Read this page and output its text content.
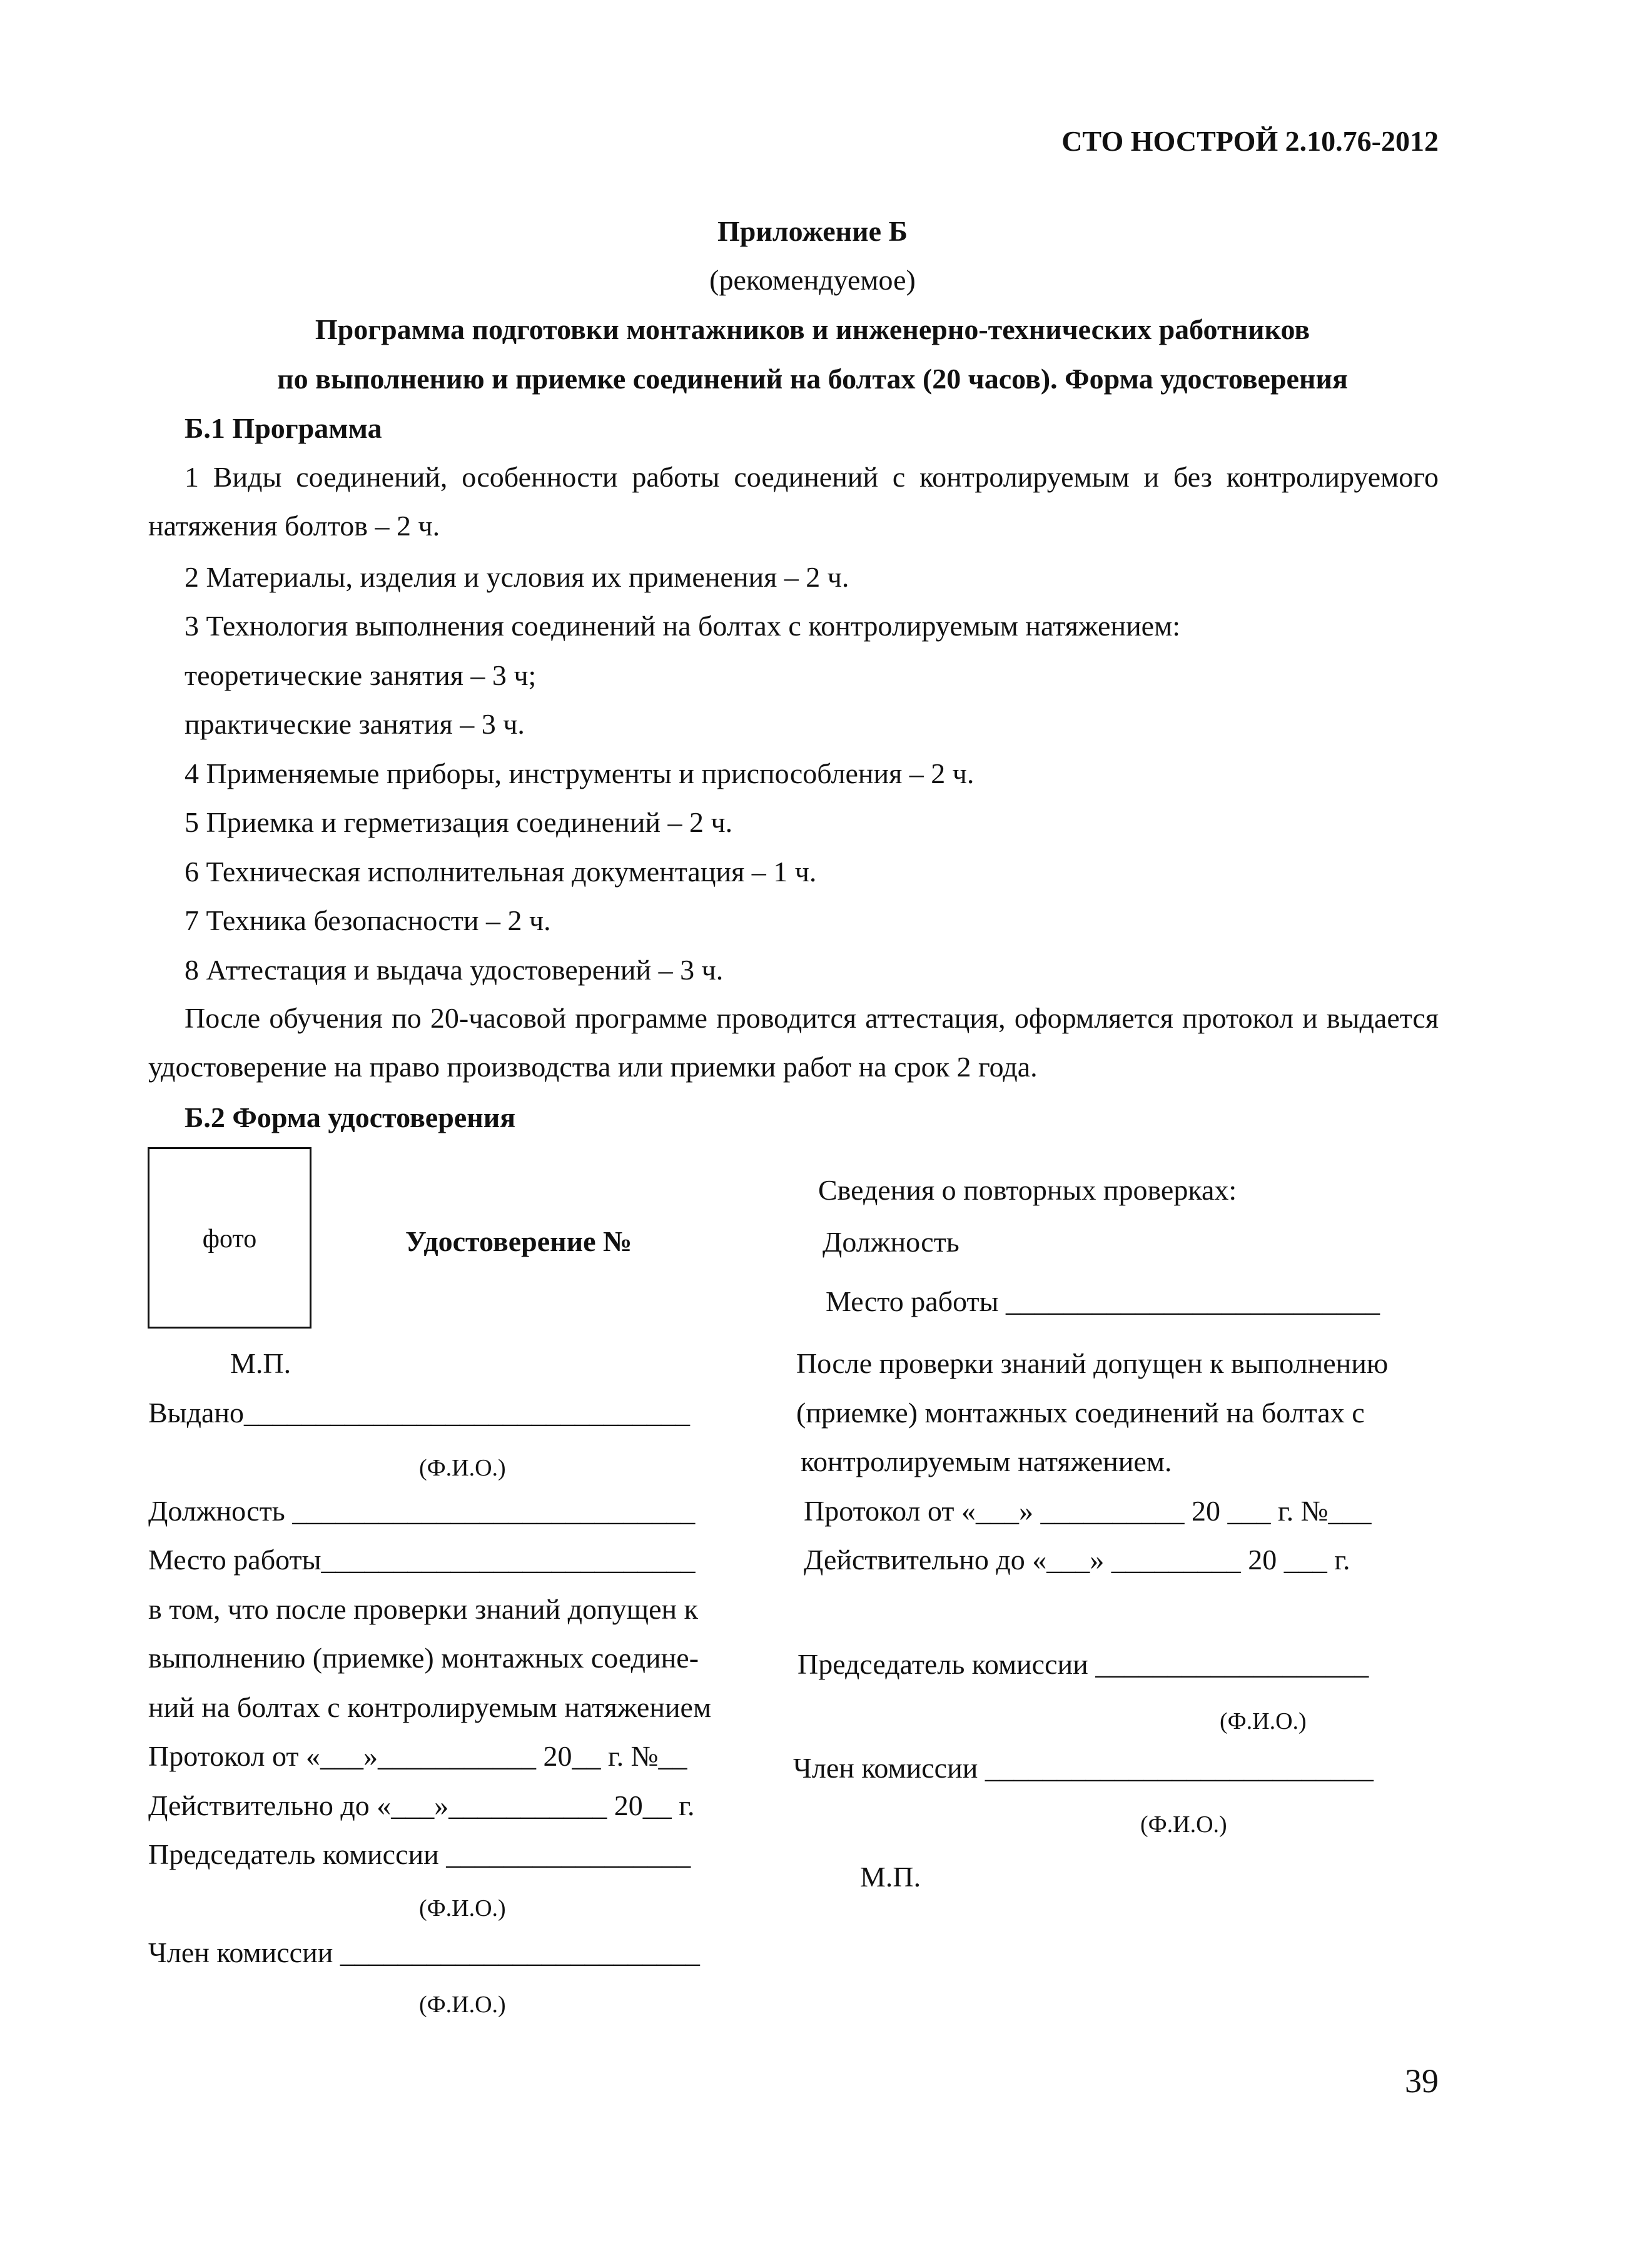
СТО НОСТРОЙ 2.10.76-2012
Приложение Б
(рекомендуемое)
Программа подготовки монтажников и инженерно-технических работников
по выполнению и приемке соединений на болтах (20 часов). Форма удостоверения
Б.1 Программа
1 Виды соединений, особенности работы соединений с контролируемым и без контролируемого натяжения болтов – 2 ч.
2 Материалы, изделия и условия их применения – 2 ч.
3 Технология выполнения соединений на болтах с контролируемым натяжением:
теоретические занятия – 3 ч;
практические занятия – 3 ч.
4 Применяемые приборы, инструменты и приспособления – 2 ч.
5 Приемка и герметизация соединений – 2 ч.
6 Техническая исполнительная документация – 1 ч.
7 Техника безопасности – 2 ч.
8 Аттестация и выдача удостоверений – 3 ч.
После обучения по 20-часовой программе проводится аттестация, оформляется протокол и выдается удостоверение на право производства или приемки работ на срок 2 года.
Б.2 Форма удостоверения
фото	Удостоверение №
М.П.
Выдано_______________________________
(Ф.И.О.)
Должность ____________________________
Место работы__________________________
в том, что после проверки знаний допущен к
выполнению (приемке) монтажных соедине-
ний на болтах с контролируемым натяжением
Протокол от «___»___________ 20__ г. №__
Действительно до «___»___________ 20__ г.
Председатель комиссии _________________
(Ф.И.О.)
Член комиссии _________________________
(Ф.И.О.)
Сведения о повторных проверках:
Должность
Место работы __________________________
После проверки знаний допущен к выполнению
(приемке) монтажных соединений на болтах с
контролируемым натяжением.
Протокол от «___» __________ 20 ___ г. №___
Действительно до «___» _________ 20 ___ г.
Председатель комиссии ___________________
(Ф.И.О.)
Член комиссии ___________________________
(Ф.И.О.)
М.П.
39
